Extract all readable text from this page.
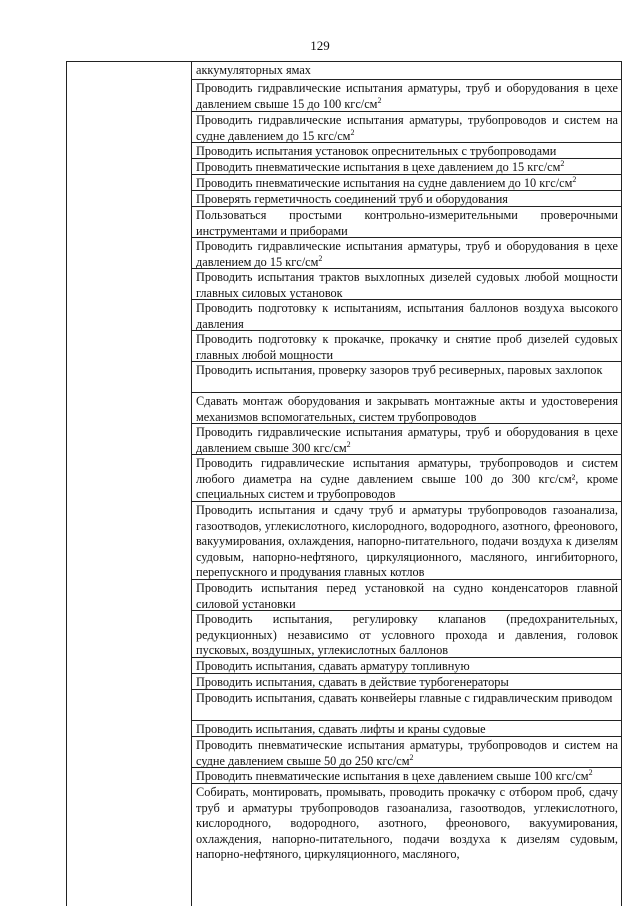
129
аккумуляторных ямах
Проводить гидравлические испытания арматуры, труб и оборудования в цехе давлением свыше 15 до 100 кгс/$см^2$
Проводить гидравлические испытания арматуры, трубопроводов и систем на судне давлением до 15 кгс/$см^2$
Проводить испытания установок опреснительных с трубопроводами
Проводить пневматические испытания в цехе давлением до 15 кгс/$см^2$
Проводить пневматические испытания на судне давлением до 10 кгс/$см^2$
Проверять герметичность соединений труб и оборудования
Пользоваться простыми контрольно-измерительными проверочными инструментами и приборами
Проводить гидравлические испытания арматуры, труб и оборудования в цехе давлением до 15 кгс/$см^2$
Проводить испытания трактов выхлопных дизелей судовых любой мощности главных силовых установок
Проводить подготовку к испытаниям, испытания баллонов воздуха высокого давления
Проводить подготовку к прокачке, прокачку и снятие проб дизелей судовых главных любой мощности
Проводить испытания, проверку зазоров труб ресиверных, паровых захлопок
Сдавать монтаж оборудования и закрывать монтажные акты и удостоверения механизмов вспомогательных, систем трубопроводов
Проводить гидравлические испытания арматуры, труб и оборудования в цехе давлением свыше 300 кгс/$см^2$
Проводить гидравлические испытания арматуры, трубопроводов и систем любого диаметра на судне давлением свыше 100 до 300 кгс/см², кроме специальных систем и трубопроводов
Проводить испытания и сдачу труб и арматуры трубопроводов газоанализа, газоотводов, углекислотного, кислородного, водородного, азотного, фреонового, вакуумирования, охлаждения, напорно-питательного, подачи воздуха к дизелям судовым, напорно-нефтяного, циркуляционного, масляного, ингибиторного, перепускного и продувания главных котлов
Проводить испытания перед установкой на судно конденсаторов главной силовой установки
Проводить испытания, регулировку клапанов (предохранительных, редукционных) независимо от условного прохода и давления, головок пусковых, воздушных, углекислотных баллонов
Проводить испытания, сдавать арматуру топливную
Проводить испытания, сдавать в действие турбогенераторы
Проводить испытания, сдавать конвейеры главные с гидравлическим приводом
Проводить испытания, сдавать лифты и краны судовые
Проводить пневматические испытания арматуры, трубопроводов и систем на судне давлением свыше 50 до 250 кгс/$см^2$
Проводить пневматические испытания в цехе давлением свыше 100 кгс/$см^2$
Собирать, монтировать, промывать, проводить прокачку с отбором проб, сдачу труб и арматуры трубопроводов газоанализа, газоотводов, углекислотного, кислородного, водородного, азотного, фреонового, вакуумирования, охлаждения, напорно-питательного, подачи воздуха к дизелям судовым, напорно-нефтяного, циркуляционного, масляного,
